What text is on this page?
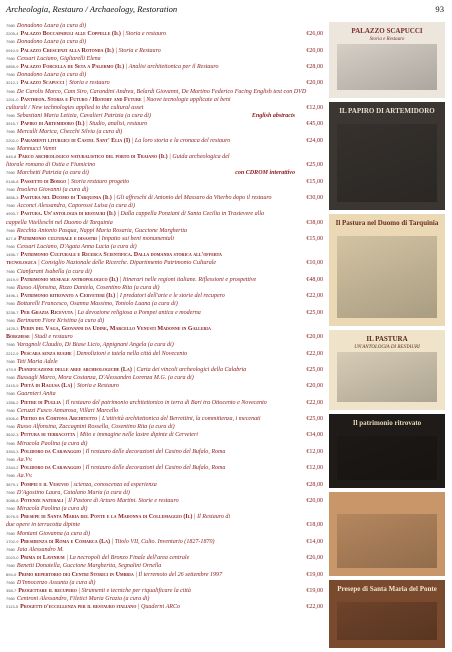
Archeologia, Restauro / Archaeology, Restoration	93
7980 Donadono Laura (a cura di)
2205-4 Palazzo Boccapaduli alle Coppelle (Il) | Storia e restauro	€26,00
7980 Donadono Laura (a cura di)
0910-5 Palazzo Crescenzi alla Rotonda (Il) | Storia e Restauro	€20,00
7980 Cessari Luciano, Gigliarelli Elena
0855-9 Palazzo Forcella de Seta a Palermo (Il) | Analisi architettonica per il Restauro	€28,00
7980 Donadono Laura (a cura di)
3212-1 Palazzo Scapucci | Storia e restauro	€20,00
7980 De Carolis Marco, Cam Siro, Carandini Andrea, Belardi Giovanni, De Martino Federico Facing English text con DVD
1201-0 Pantheon. Storia e Futuro / History and Future | Nuove tecnologie applicate ai beni
culturali / New technologies applied to the cultural asset	€12,00
7980 Sebastiani Maria Letizia, Cavalieri Patrizia (a cura di)	English abstracts
3915-7 Papiro di Artemidoro (Il) | Studio, analisi, restauro	€45,00
7980 Mercalli Marica, Checchi Silvia (a cura di)
2202-0 Paramenti liturgici di Castel Sant' Elia (I) | La loro storia e la cronaca del restauro	€24,00
7980 Mannucci Vanni
645-8 Parco archeologico naturalistico del porto di Traiano (Il) | Guida archeologica del
litorale romano di Ostia e Fiumicino	€25,00
7980 Marchetti Patrizia (a cura di)	con CDROM interattivo
0146-8 Passetto di Borgo | Storia restauro progetto	€15,00
7980 Insolera Giovanni (a cura di)
3856-3 Pastura nel Duomo di Tarquinia (Il) | Gli affreschi di Antonio del Massaro da Viterbo dopo il restauro	€30,00
7980 Acconci Alessandra, Caporossi Luisa (a cura di)
4993-7 Pastura. Un'antologia di restauri (Il) | Dalla cappella Ponziani di Santa Cecilia in Trastevere alla
cappella Vitelleschi nel Duomo di Tarquinia	€38,00
7980 Recchia Antonio Pasqua, Nappi Maria Rosaria, Guccione Margherita
827-8 Patrimonio culturale e disastri | Impatto sui beni monumentali	€15,00
7980 Cessari Luciano, D'Agata Anna Lucia (a cura di)
1456-7 Patrimonio Culturale e Ricerca Scientifica. Dalla domanda storica all'offerta
tecnologica | Consiglio Nazionale delle Ricerche. Dipartimento Patrimonio Culturale	€10,00
7980 Cianfarani Isabella (a cura di)
1519-9 Patrimonio museale antropologico (Il) | Itinerari nelle regioni italiane. Riflessioni e prospettive	€48,00
7980 Russo Alfonsina, Rizzo Daniela, Cosentino Rita (a cura di)
3496-1 Patrimonio ritrovato a Cerveteri (Il) | I predatori dell'arte e le storie del recupero	€22,00
7980 Bottarelli Francesco, Osanna Massimo, Toniolo Luana (a cura di)
3238-7 Per Grazia Ricevuta | La devozione religiosa a Pompei antica e moderna	€25,00
7980 Bertmann Fiore Kristina (a cura di)
1425-3 Perin del Vaga, Giovanni da Udine, Marcello Venusti Madonne in Galleria
Borghese | Studi e restauro	€20,00
7980 Varagnoli Claudio, Di Biase Licio, Appignani Angela (a cura di)
2212-9 Pescara senza rughe | Demolizioni e tutela nella città del Novecento	€22,00
7980 Teti Maria Adele
479-9 Pianificazione delle aree archeologiche (La) | Carta dei vincoli archeologici della Calabria	€25,00
7980 Bussagli Marco, Mora Costanza, D'Alessandro Lorenza M.G. (a cura di)
2415-9 Pietà di Ragusa (La) | Storia e Restauro	€20,00
7980 Guarnieri Anita
1356-2 Pietre di Puglia | Il restauro del patrimonio architettonico in terra di Bari tra Ottocento e Novecento	€22,00
7980 Ceruzzi Fusco Annarosa, Villari Marcello
0306-6 Pietro da Cortona Architetto | L'attività architettonica del Berrettini, la committenza, i mecenati	€25,00
7980 Russo Alfonsina, Zaccagnini Rossella, Cosentino Rita (a cura di)
3632-3 Pittura di terracotta | Mito e immagine nelle lastre dipinte di Cerveteri	€34,00
7980 Miracola Paolina (a cura di)
3353-3 Polidoro da Caravaggio | Il restauro delle decorazioni del Casino del Bufalo, Roma	€12,00
7980 Aa.Vv.
2344-2 Polidoro da Caravaggio | Il restauro delle decorazioni del Casino del Bufalo, Roma	€12,00
7980 Aa.Vv.
3879-1 Pompei e il Vesuvio | scienza, conoscenza ed esperienza	€28,00
7980 D'Agostino Laura, Catalano Maria (a cura di)
3088-8 Potenze naturali | Il Pastore di Arturo Martini. Storie e restauro	€20,00
7980 Miracola Paolina (a cura di)
3076-5 Presepe di Santa Maria del Ponte e la Madonna di Collemaggio (Il) | Il Restauro di
due opere in terracotta dipinte	€18,00
7980 Montani Giovanna (a cura di)
1702-9 Presidenza di Roma e Comarca (La) | Titolo VII, Culto. Inventario (1827-1870)	€14,00
7980 Jaia Alessandro M.
2023-0 Prima di Lavinium | La necropoli del Bronzo Finale dell'area centrale	€26,00
7980 Benetti Donatella, Guccione Margherita, Segnalini Ornella
894-0 Primo repertorio dei Centri Storici in Umbria | Il terremoto del 26 settembre 1997	€19,00
7980 D'Innocenzo Assunta (a cura di)
358-7 Progettare il recupero | Strumenti e tecniche per riqualificare la città	€19,00
7980 Centroni Alessandro, Filetici Maria Grazia (a cura di)
2113-5 Progetti d'eccellenza per il restauro italiano | Quaderni ARCo	€22,00
PALAZZO SCAPUCCI
Storia e Restauro
IL PAPIRO DI ARTEMIDORO
Il Pastura nel Duomo di Tarquinia
IL PASTURA
UN'ANTOLOGIA DI RESTAURI
Il patrimonio ritrovato
Presepe di Santa Maria del Ponte
